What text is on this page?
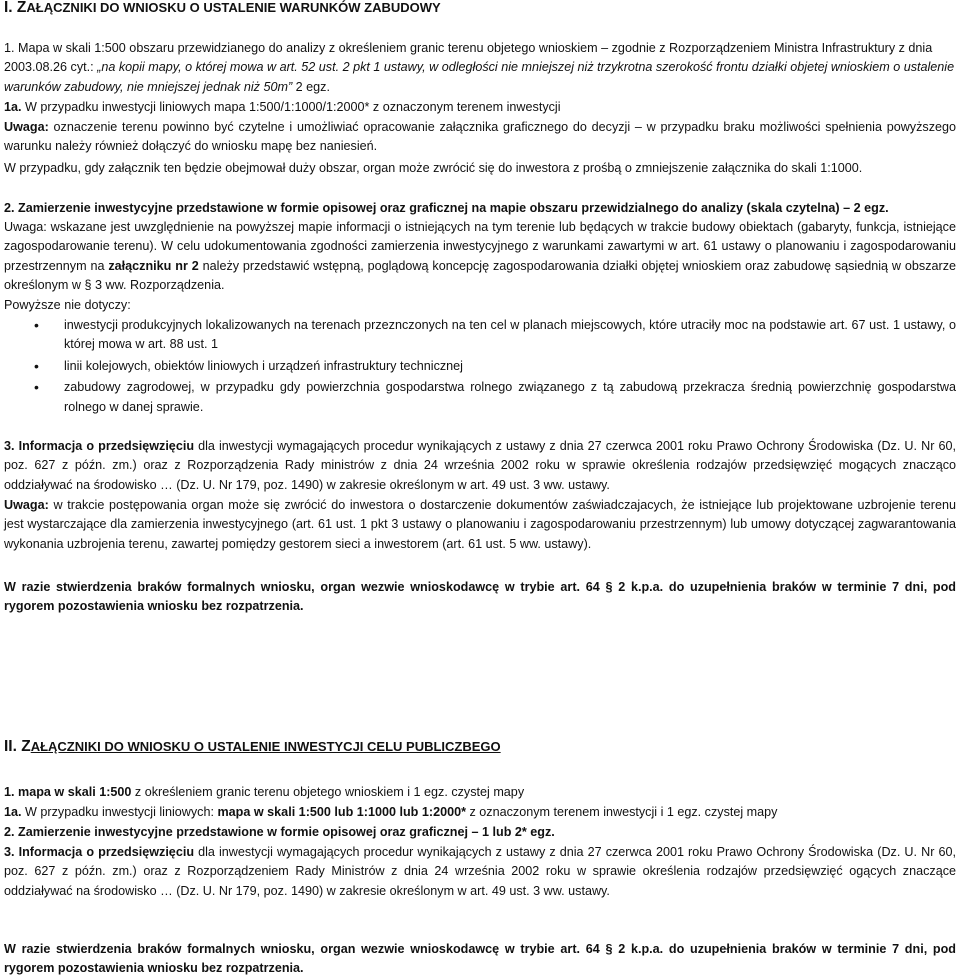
I. ZAŁĄCZNIKI DO WNIOSKU O USTALENIE WARUNKÓW ZABUDOWY
1. Mapa w skali 1:500 obszaru przewidzianego do analizy z określeniem granic terenu objetego wnioskiem – zgodnie z Rozporządzeniem Ministra Infrastruktury z dnia 2003.08.26 cyt.: „na kopii mapy, o której mowa w art. 52 ust. 2 pkt 1 ustawy, w odległości nie mniejszej niż trzykrotna szerokość frontu działki objetej wnioskiem o ustalenie warunków zabudowy, nie mniejszej jednak niż 50m” 2 egz.
1a. W przypadku inwestycji liniowych mapa 1:500/1:1000/1:2000* z oznaczonym terenem inwestycji
Uwaga: oznaczenie terenu powinno być czytelne i umożliwiać opracowanie załącznika graficznego do decyzji – w przypadku braku możliwości spełnienia powyższego warunku należy również dołączyć do wniosku mapę bez naniesień.
W przypadku, gdy załącznik ten będzie obejmował duży obszar, organ może zwrócić się do inwestora z prośbą o zmniejszenie załącznika do skali 1:1000.
2. Zamierzenie inwestycyjne przedstawione w formie opisowej oraz graficznej na mapie obszaru przewidzialnego do analizy (skala czytelna) – 2 egz.
Uwaga: wskazane jest uwzględnienie na powyższej mapie informacji o istniejących na tym terenie lub będących w trakcie budowy obiektach (gabaryty, funkcja, istniejące zagospodarowanie terenu). W celu udokumentowania zgodności zamierzenia inwestycyjnego z warunkami zawartymi w art. 61 ustawy o planowaniu i zagospodarowaniu przestrzennym na załączniku nr 2 należy przedstawić wstępną, poglądową koncepcję zagospodarowania działki objętej wnioskiem oraz zabudowę sąsiednią w obszarze określonym w § 3 ww. Rozporządzenia.
Powyższe nie dotyczy:
• inwestycji produkcyjnych lokalizowanych na terenach przeznczonych na ten cel w planach miejscowych, które utraciły moc na podstawie art. 67 ust. 1 ustawy, o której mowa w art. 88 ust. 1
• linii kolejowych, obiektów liniowych i urządzeń infrastruktury technicznej
• zabudowy zagrodowej, w przypadku gdy powierzchnia gospodarstwa rolnego związanego z tą zabudową przekracza średnią powierzchnię gospodarstwa rolnego w danej sprawie.
3. Informacja o przedsięwzięciu dla inwestycji wymagających procedur wynikających z ustawy z dnia 27 czerwca 2001 roku Prawo Ochrony Środowiska (Dz. U. Nr 60, poz. 627 z późn. zm.) oraz z Rozporządzenia Rady ministrów z dnia 24 września 2002 roku w sprawie określenia rodzajów przedsięwzięć mogących znacząco oddziaływać na środowisko … (Dz. U. Nr 179, poz. 1490) w zakresie określonym w art. 49 ust. 3 ww. ustawy.
Uwaga: w trakcie postępowania organ może się zwrócić do inwestora o dostarczenie dokumentów zaświadczajacych, że istniejące lub projektowane uzbrojenie terenu jest wystarczające dla zamierzenia inwestycyjnego (art. 61 ust. 1 pkt 3 ustawy o planowaniu i zagospodarowaniu przestrzennym) lub umowy dotyczącej zagwarantowania wykonania uzbrojenia terenu, zawartej pomiędzy gestorem sieci a inwestorem (art. 61 ust. 5 ww. ustawy).
W razie stwierdzenia braków formalnych wniosku, organ wezwie wnioskodawcę w trybie art. 64 § 2 k.p.a. do uzupełnienia braków w terminie 7 dni, pod rygorem pozostawienia wniosku bez rozpatrzenia.
II. ZAŁĄCZNIKI DO WNIOSKU O USTALENIE INWESTYCJI CELU PUBLICZBEGO
1. mapa w skali 1:500 z określeniem granic terenu objetego wnioskiem i 1 egz. czystej mapy
1a. W przypadku inwestycji liniowych: mapa w skali 1:500 lub 1:1000 lub 1:2000* z oznaczonym terenem inwestycji i 1 egz. czystej mapy
2. Zamierzenie inwestycyjne przedstawione w formie opisowej oraz graficznej – 1 lub 2* egz.
3. Informacja o przedsięwzięciu dla inwestycji wymagających procedur wynikających z ustawy z dnia 27 czerwca 2001 roku Prawo Ochrony Środowiska (Dz. U. Nr 60, poz. 627 z późn. zm.) oraz z Rozporządzeniem Rady Ministrów z dnia 24 września 2002 roku w sprawie określenia rodzajów przedsięwzięć ogących znaczące oddziaływać na środowisko … (Dz. U. Nr 179, poz. 1490) w zakresie określonym w art. 49 ust. 3 ww. ustawy.
W razie stwierdzenia braków formalnych wniosku, organ wezwie wnioskodawcę w trybie art. 64 § 2 k.p.a. do uzupełnienia braków w terminie 7 dni, pod rygorem pozostawienia wniosku bez rozpatrzenia.
